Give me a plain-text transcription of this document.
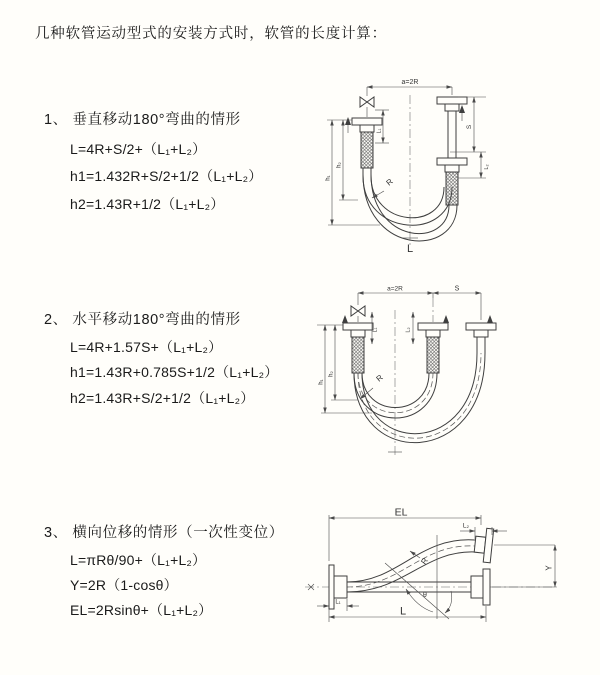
几种软管运动型式的安装方式时，软管的长度计算：
1、 垂直移动180°弯曲的情形
L=4R+S/2+（L₁+L₂）
h1=1.432R+S/2+1/2（L₁+L₂）
h2=1.43R+1/2（L₁+L₂）
2、 水平移动180°弯曲的情形
L=4R+1.57S+（L₁+L₂）
h1=1.43R+0.785S+1/2（L₁+L₂）
h2=1.43R+S/2+1/2（L₁+L₂）
3、 横向位移的情形（一次性变位）
L=πRθ/90+（L₁+L₂）
Y=2R（1-cosθ）
EL=2Rsinθ+（L₁+L₂）
a=2R
h₁
h₂
L₁
S
L₂
R
L
a=2R	S
h₁
h₂
L₁	L₂
R
EL
L₂
Y
L₁
L
θ
R
